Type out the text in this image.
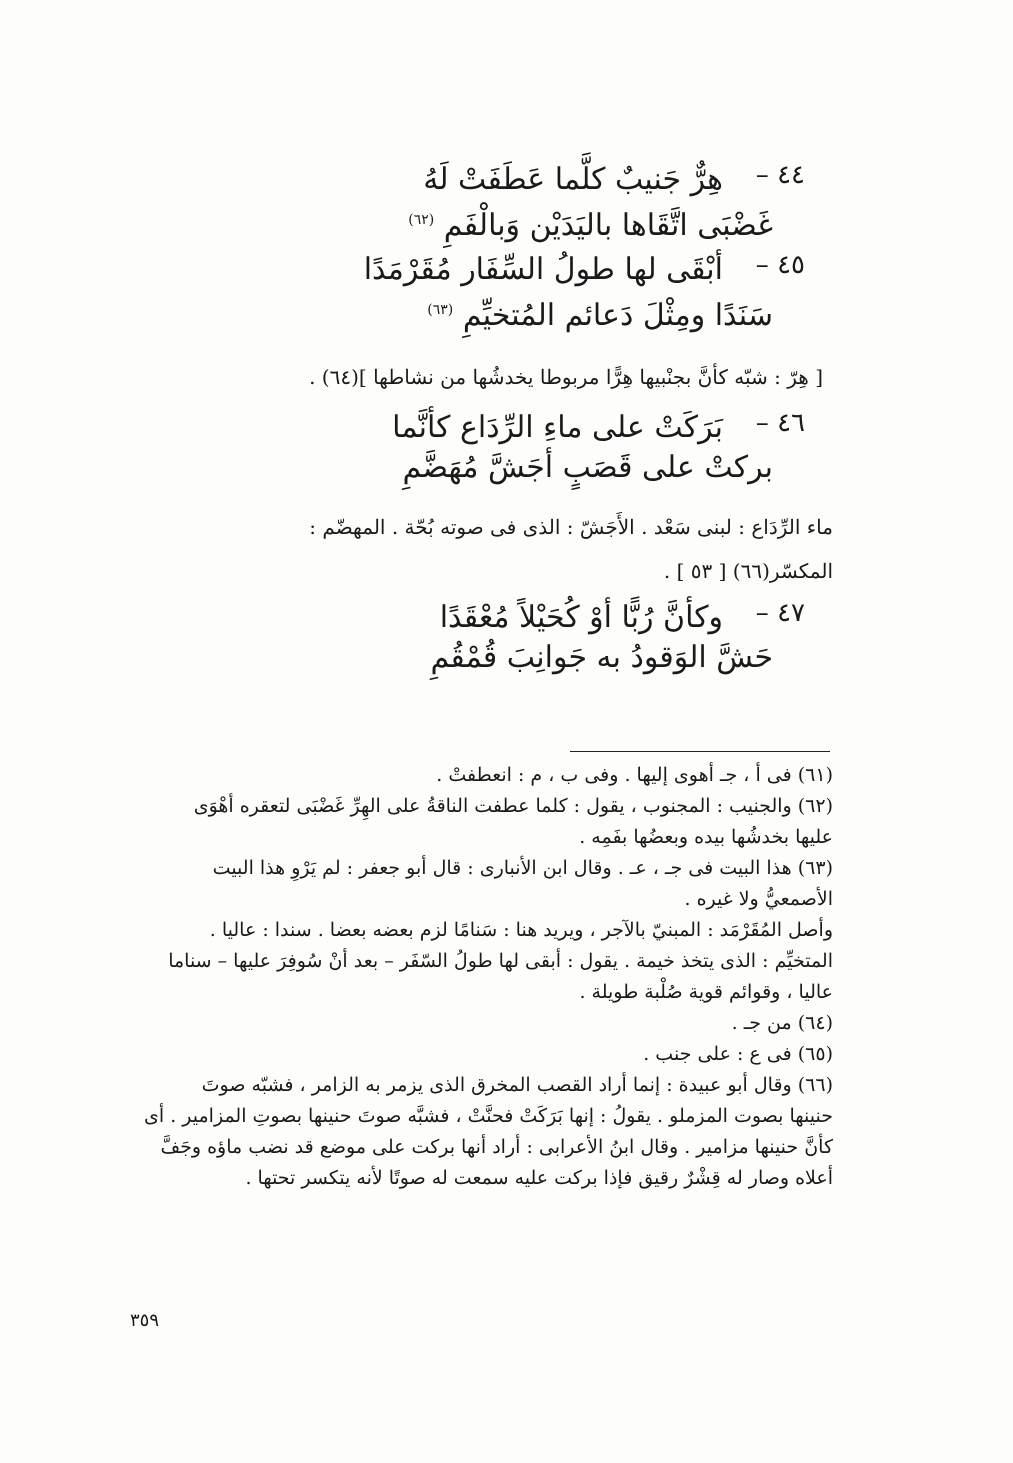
٤٤ –
هِرٌّ جَنيبٌ كلَّما عَطَفَتْ لَهُ
غَضْبَى اتَّقَاها باليَدَيْن وَبالْفَمِ $^{(٦٢)}$
٤٥ –
أبْقَى لها طولُ السِّفَار مُقَرْمَدًا
سَنَدًا ومِثْلَ دَعائم المُتخيِّمِ $^{(٦٣)}$
[ هِرّ : شبّه كأنَّ بجنْبيها هِرًّا مربوطا يخدشُها من نشاطها ](٦٤) .
٤٦ –
بَرَكَتْ على ماءِ الرِّدَاع كأنَّما
بركتْ على قَصَبٍ أجَشَّ مُهَضَّمِ
ماء الرِّدَاع : لبنى سَعْد . الأَجَشّ : الذى فى صوته بُحّة . المهضّم :
المكسّر(٦٦) [ ٥٣ ] .
٤٧ –
وكأنَّ رُبًّا أوْ كُحَيْلاً مُعْقَدًا
حَشَّ الوَقودُ به جَوانِبَ قُمْقُمِ

(٦١) فى أ ، جـ أهوى إليها . وفى ب ، م : انعطفتْ .

(٦٢) والجنيب : المجنوب ، يقول : كلما عطفت الناقةُ على الهِرِّ غَضْبَى لتعقره أهْوَى

عليها بخدشُها بيده وبعضُها بفَمِه .

(٦٣) هذا البيت فى جـ ، عـ . وقال ابن الأنبارى : قال أبو جعفر : لم يَرْوِ هذا البيت

الأصمعيُّ ولا غيره .

وأصل المُقَرْمَد : المبنيّ بالآجر ، ويريد هنا : سَنامًا لزم بعضه بعضا . سندا : عاليا .

المتخيِّم : الذى يتخذ خيمة . يقول : أبقى لها طولُ السّفَر – بعد أنْ سُوفِرَ عليها – سناما

عاليا ، وقوائم قوية صُلْبة طويلة .

(٦٤) من جـ .

(٦٥) فى ع : على جنب .

(٦٦) وقال أبو عبيدة : إنما أراد القصب المخرق الذى يزمر به الزامر ، فشبّه صوتَ

حنينها بصوت المزملو . يقولُ : إنها بَرَكَتْ فحنَّتْ ، فشبَّه صوتَ حنينها بصوتِ المزامير . أى

كأنَّ حنينها مزامير . وقال ابنُ الأعرابى : أراد أنها بركت على موضع قد نضب ماؤه وجَفَّ

أعلاه وصار له قِشْرٌ رقيق فإذا بركت عليه سمعت له صوتًا لأنه يتكسر تحتها .

٣٥٩
